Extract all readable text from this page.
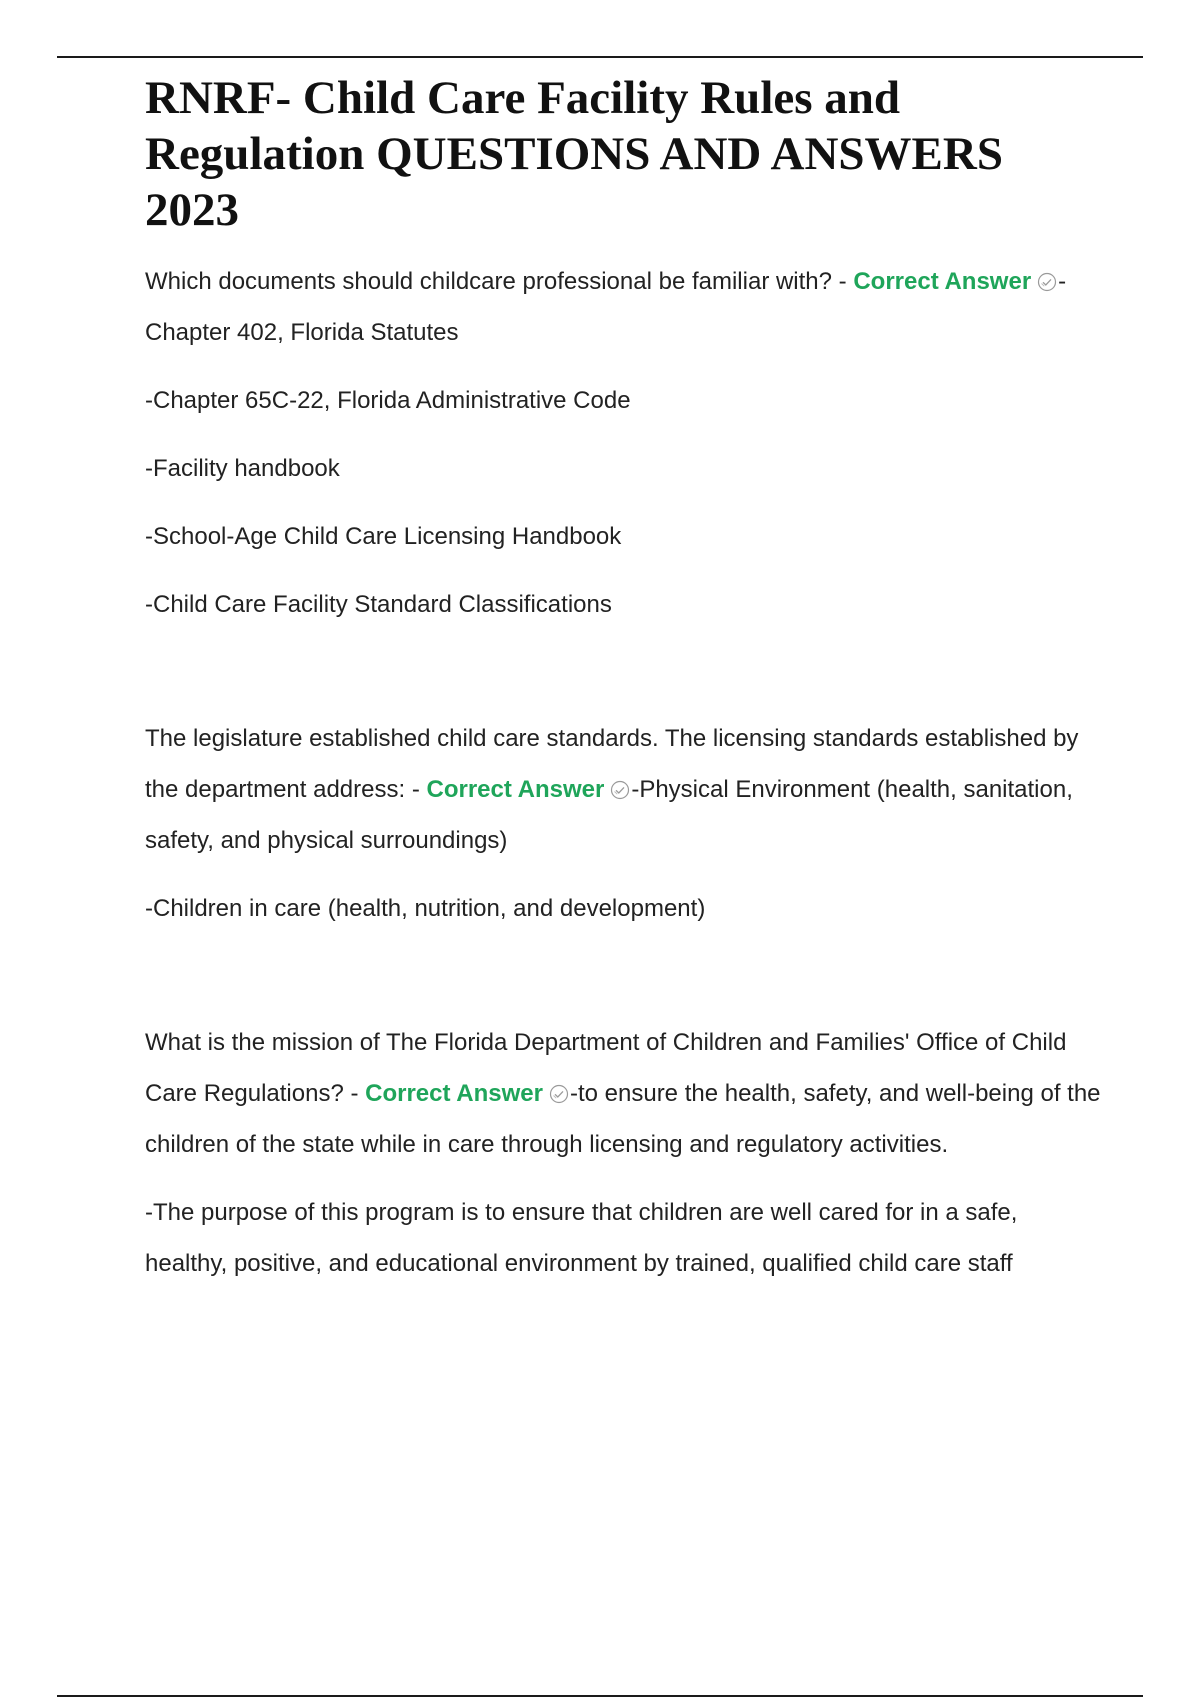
RNRF- Child Care Facility Rules and Regulation QUESTIONS AND ANSWERS 2023

Which documents should childcare professional be familiar with? - Correct Answer -Chapter 402, Florida Statutes

-Chapter 65C-22, Florida Administrative Code

-Facility handbook

-School-Age Child Care Licensing Handbook

-Child Care Facility Standard Classifications

The legislature established child care standards. The licensing standards established by the department address: - Correct Answer -Physical Environment (health, sanitation, safety, and physical surroundings)

-Children in care (health, nutrition, and development)

What is the mission of The Florida Department of Children and Families' Office of Child Care Regulations? - Correct Answer -to ensure the health, safety, and well-being of the children of the state while in care through licensing and regulatory activities.

-The purpose of this program is to ensure that children are well cared for in a safe, healthy, positive, and educational environment by trained, qualified child care staff
